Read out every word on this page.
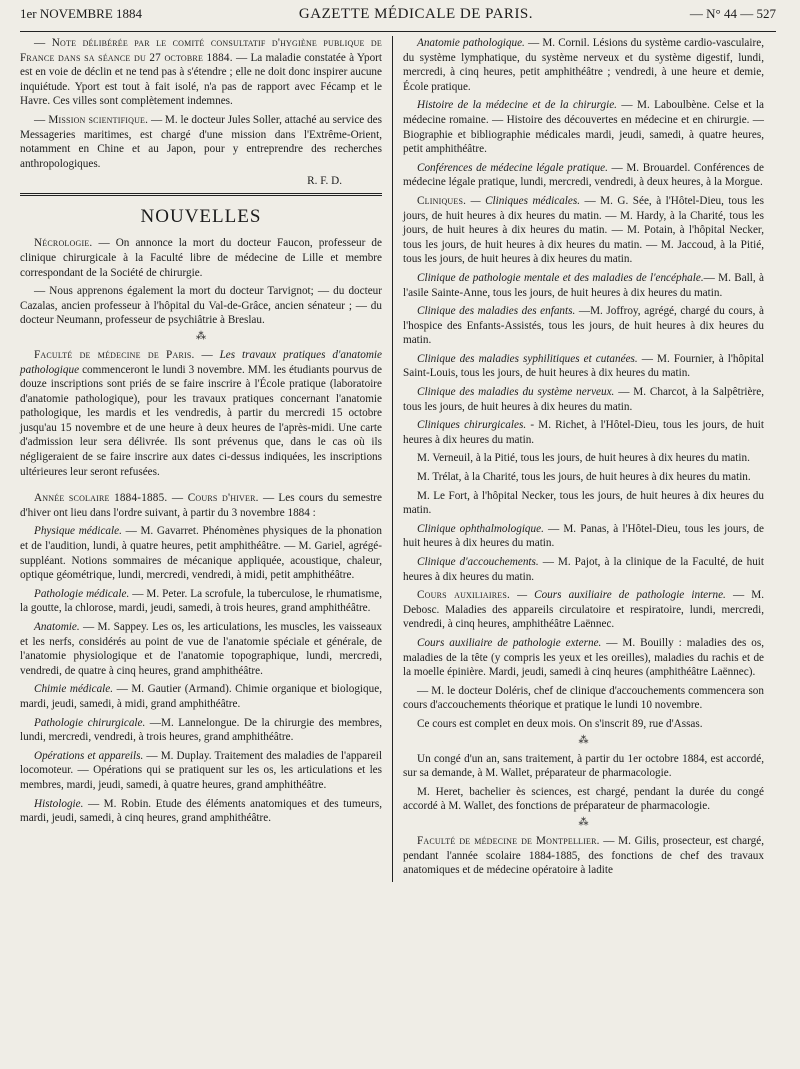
1er NOVEMBRE 1884	GAZETTE MÉDICALE DE PARIS.	— N° 44 — 527

— Note délibérée par le comité consultatif d'hygiène publique de France dans sa séance du 27 octobre 1884. — La maladie constatée à Yport est en voie de déclin et ne tend pas à s'étendre ; elle ne doit donc inspirer aucune inquiétude. Yport est tout à fait isolé, n'a pas de rapport avec Fécamp et le Havre. Ces villes sont complètement indemnes.

— Mission scientifique. — M. le docteur Jules Soller, attaché au service des Messageries maritimes, est chargé d'une mission dans l'Extrême-Orient, notamment en Chine et au Japon, pour y entreprendre des recherches anthropologiques.

R. F. D.
NOUVELLES

Nécrologie. — On annonce la mort du docteur Faucon, professeur de clinique chirurgicale à la Faculté libre de médecine de Lille et membre correspondant de la Société de chirurgie.

— Nous apprenons également la mort du docteur Tarvignot; — du docteur Cazalas, ancien professeur à l'hôpital du Val-de-Grâce, ancien sénateur ; — du docteur Neumann, professeur de psychiâtrie à Breslau.

⁂

Faculté de médecine de Paris. — Les travaux pratiques d'anatomie pathologique commenceront le lundi 3 novembre. MM. les étudiants pourvus de douze inscriptions sont priés de se faire inscrire à l'École pratique (laboratoire d'anatomie pathologique), pour les travaux pratiques concernant l'anatomie pathologique, les mardis et les vendredis, à partir du mercredi 15 octobre jusqu'au 15 novembre et de une heure à deux heures de l'après-midi. Une carte d'admission leur sera délivrée. Ils sont prévenus que, dans le cas où ils négligeraient de se faire inscrire aux dates ci-dessus indiquées, les inscriptions ultérieures leur seront refusées.

Année scolaire 1884-1885. — Cours d'hiver. — Les cours du semestre d'hiver ont lieu dans l'ordre suivant, à partir du 3 novembre 1884 :

Physique médicale. — M. Gavarret. Phénomènes physiques de la phonation et de l'audition, lundi, à quatre heures, petit amphithéâtre. — M. Gariel, agrégé-suppléant. Notions sommaires de mécanique appliquée, acoustique, chaleur, optique géométrique, lundi, mercredi, vendredi, à midi, petit amphithéâtre.

Pathologie médicale. — M. Peter. La scrofule, la tuberculose, le rhumatisme, la goutte, la chlorose, mardi, jeudi, samedi, à trois heures, grand amphithéâtre.

Anatomie. — M. Sappey. Les os, les articulations, les muscles, les vaisseaux et les nerfs, considérés au point de vue de l'anatomie spéciale et générale, de l'anatomie physiologique et de l'anatomie topographique, lundi, mercredi, vendredi, de quatre à cinq heures, grand amphithéâtre.

Chimie médicale. — M. Gautier (Armand). Chimie organique et biologique, mardi, jeudi, samedi, à midi, grand amphithéâtre.

Pathologie chirurgicale. —M. Lannelongue. De la chirurgie des membres, lundi, mercredi, vendredi, à trois heures, grand amphithéâtre.

Opérations et appareils. — M. Duplay. Traitement des maladies de l'appareil locomoteur. — Opérations qui se pratiquent sur les os, les articulations et les membres, mardi, jeudi, samedi, à quatre heures, grand amphithéâtre.

Histologie. — M. Robin. Etude des éléments anatomiques et des tumeurs, mardi, jeudi, samedi, à cinq heures, grand amphithéâtre.

Anatomie pathologique. — M. Cornil. Lésions du système cardio-vasculaire, du système lymphatique, du système nerveux et du système digestif, lundi, mercredi, à cinq heures, petit amphithéâtre ; vendredi, à une heure et demie, École pratique.

Histoire de la médecine et de la chirurgie. — M. Laboulbène. Celse et la médecine romaine. — Histoire des découvertes en médecine et en chirurgie. — Biographie et bibliographie médicales mardi, jeudi, samedi, à quatre heures, petit amphithéâtre.

Conférences de médecine légale pratique. — M. Brouardel. Conférences de médecine légale pratique, lundi, mercredi, vendredi, à deux heures, à la Morgue.

Cliniques. — Cliniques médicales. — M. G. Sée, à l'Hôtel-Dieu, tous les jours, de huit heures à dix heures du matin. — M. Hardy, à la Charité, tous les jours, de huit heures à dix heures du matin. — M. Potain, à l'hôpital Necker, tous les jours, de huit heures à dix heures du matin. — M. Jaccoud, à la Pitié, tous les jours, de huit heures à dix heures du matin.

Clinique de pathologie mentale et des maladies de l'encéphale.— M. Ball, à l'asile Sainte-Anne, tous les jours, de huit heures à dix heures du matin.

Clinique des maladies des enfants. —M. Joffroy, agrégé, chargé du cours, à l'hospice des Enfants-Assistés, tous les jours, de huit heures à dix heures du matin.

Clinique des maladies syphilitiques et cutanées. — M. Fournier, à l'hôpital Saint-Louis, tous les jours, de huit heures à dix heures du matin.

Clinique des maladies du système nerveux. — M. Charcot, à la Salpêtrière, tous les jours, de huit heures à dix heures du matin.

Cliniques chirurgicales. - M. Richet, à l'Hôtel-Dieu, tous les jours, de huit heures à dix heures du matin.

M. Verneuil, à la Pitié, tous les jours, de huit heures à dix heures du matin.

M. Trélat, à la Charité, tous les jours, de huit heures à dix heures du matin.

M. Le Fort, à l'hôpital Necker, tous les jours, de huit heures à dix heures du matin.

Clinique ophthalmologique. — M. Panas, à l'Hôtel-Dieu, tous les jours, de huit heures à dix heures du matin.

Clinique d'accouchements. — M. Pajot, à la clinique de la Faculté, de huit heures à dix heures du matin.

Cours auxiliaires. — Cours auxiliaire de pathologie interne. — M. Debosc. Maladies des appareils circulatoire et respiratoire, lundi, mercredi, vendredi, à cinq heures, amphithéâtre Laënnec.

Cours auxiliaire de pathologie externe. — M. Bouilly : maladies des os, maladies de la tête (y compris les yeux et les oreilles), maladies du rachis et de la moelle épinière. Mardi, jeudi, samedi à cinq heures (amphithéâtre Laënnec).

— M. le docteur Doléris, chef de clinique d'accouchements commencera son cours d'accouchements théorique et pratique le lundi 10 novembre.

Ce cours est complet en deux mois. On s'inscrit 89, rue d'Assas.

⁂

Un congé d'un an, sans traitement, à partir du 1er octobre 1884, est accordé, sur sa demande, à M. Wallet, préparateur de pharmacologie.

M. Heret, bachelier ès sciences, est chargé, pendant la durée du congé accordé à M. Wallet, des fonctions de préparateur de pharmacologie.

⁂

Faculté de médecine de Montpellier. — M. Gilis, prosecteur, est chargé, pendant l'année scolaire 1884-1885, des fonctions de chef des travaux anatomiques et de médecine opératoire à ladite
